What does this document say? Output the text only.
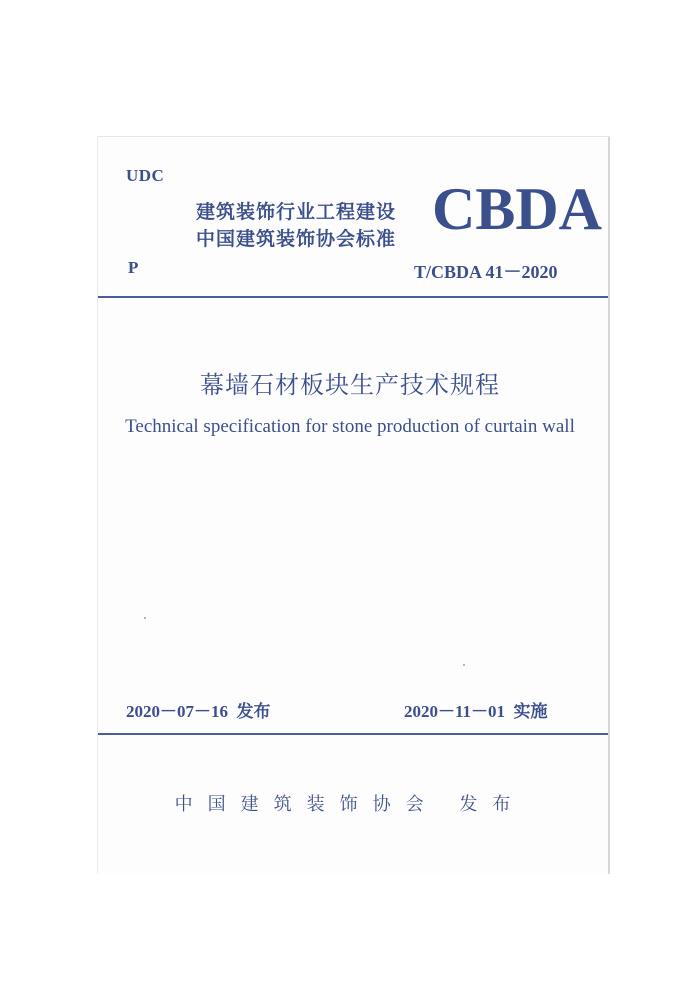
UDC
建筑装饰行业工程建设
中国建筑装饰协会标准 CBDA
P	T/CBDA 41－2020
幕墙石材板块生产技术规程
Technical specification for stone production of curtain wall
2020－07－16  发布	2020－11－01  实施
中国建筑装饰协会 发布
